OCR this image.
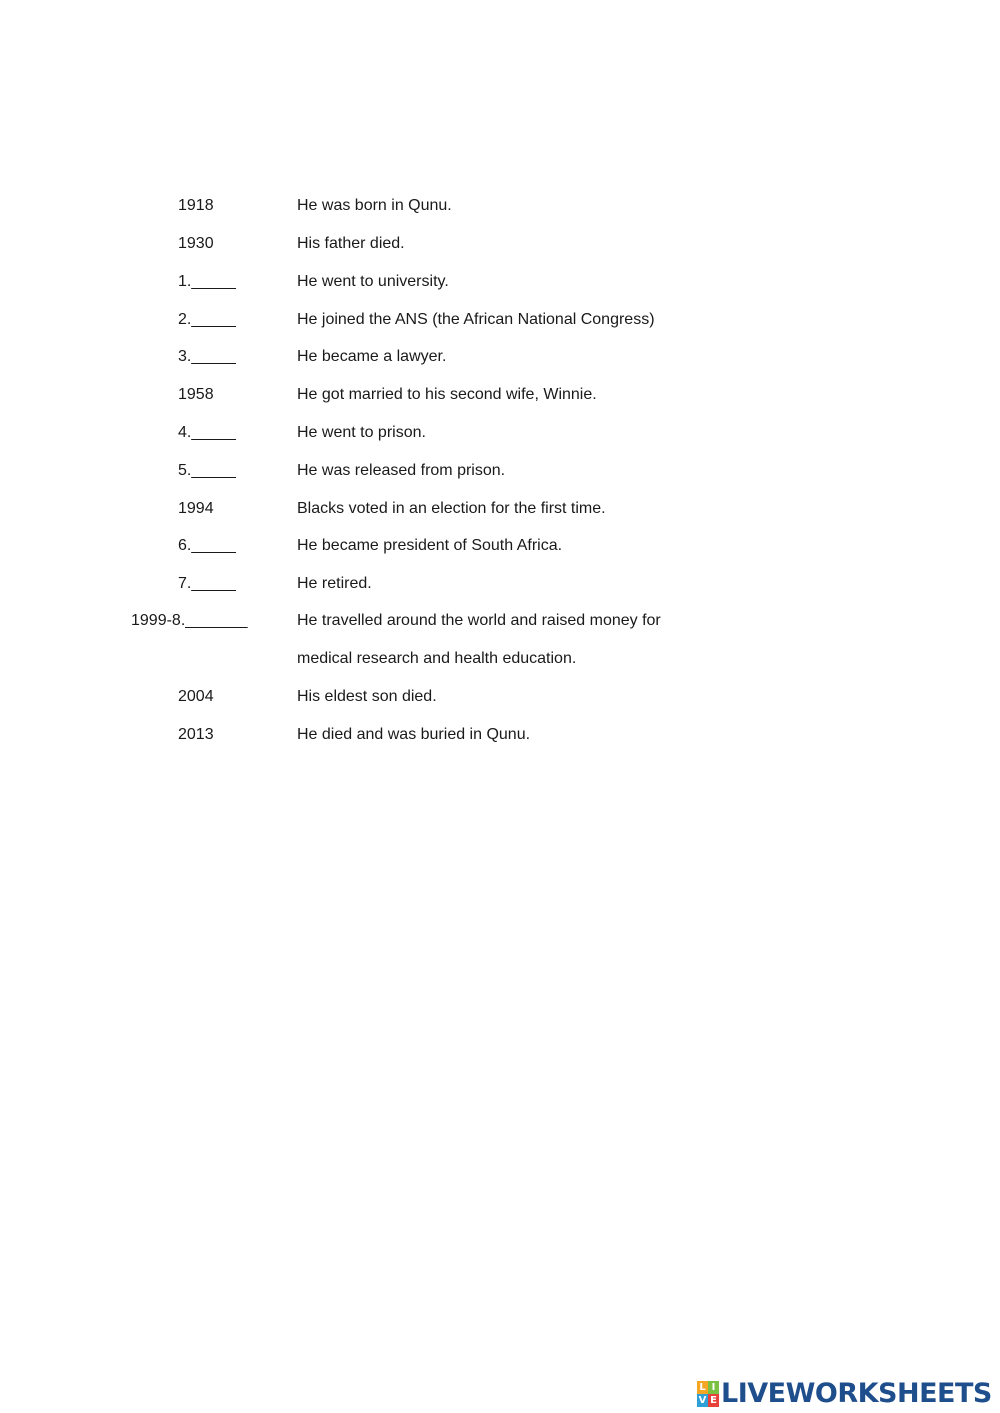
1918	He was born in Qunu.
1930	His father died.
1._____	He went to university.
2._____	He joined the ANS (the African National Congress)
3._____	He became a lawyer.
1958	He got married to his second wife, Winnie.
4._____	He went to prison.
5._____	He was released from prison.
1994	Blacks voted in an election for the first time.
6._____	He became president of South Africa.
7._____	He retired.
1999-8._______	He travelled around the world and raised money for
medical research and health education.
2004	His eldest son died.
2013	He died and was buried in Qunu.
L I
V E LIVEWORKSHEETS
